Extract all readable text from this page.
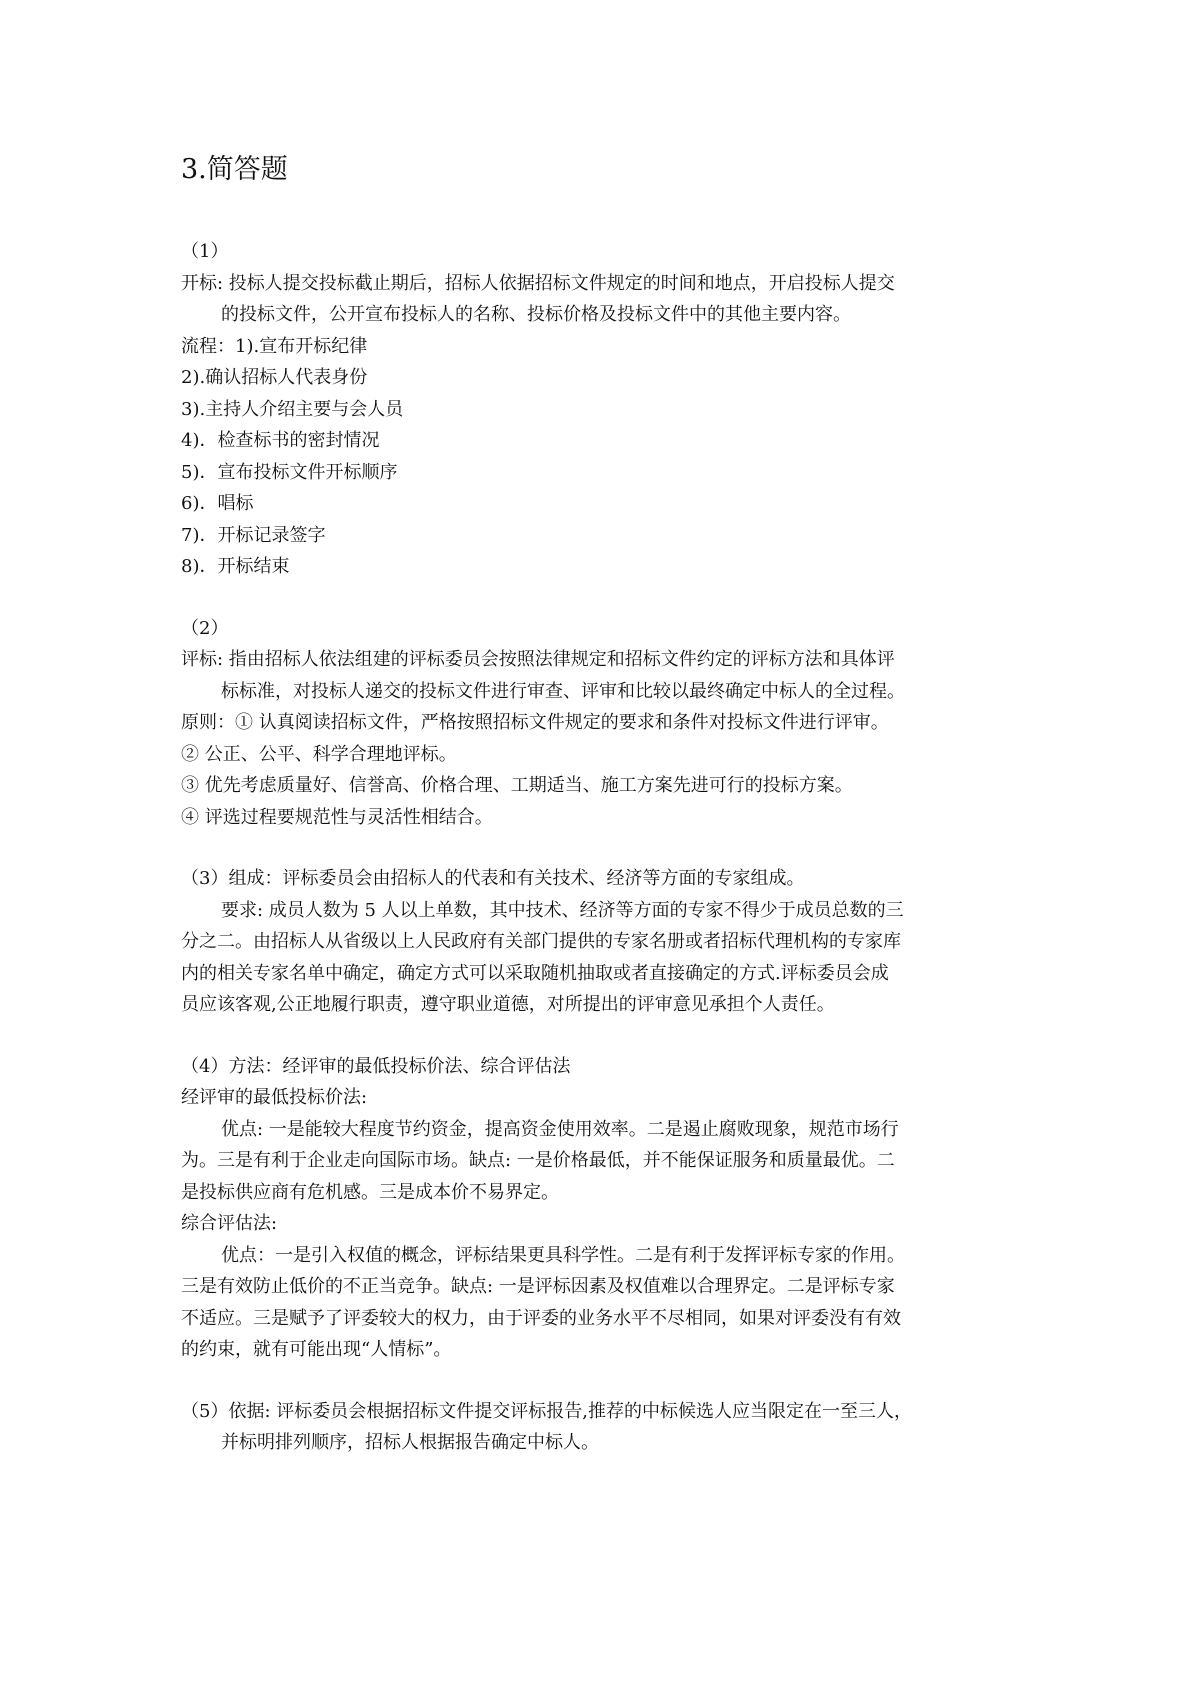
3.简答题
（1）
开标: 投标人提交投标截止期后，招标人依据招标文件规定的时间和地点，开启投标人提交
的投标文件，公开宣布投标人的名称、投标价格及投标文件中的其他主要内容。
流程：1).宣布开标纪律
2).确认招标人代表身份
3).主持人介绍主要与会人员
4)．检查标书的密封情况
5)．宣布投标文件开标顺序
6)．唱标
7)．开标记录签字
8)．开标结束
（2）
评标: 指由招标人依法组建的评标委员会按照法律规定和招标文件约定的评标方法和具体评
标标准，对投标人递交的投标文件进行审查、评审和比较以最终确定中标人的全过程。
原则：① 认真阅读招标文件，严格按照招标文件规定的要求和条件对投标文件进行评审。
② 公正、公平、科学合理地评标。
③ 优先考虑质量好、信誉高、价格合理、工期适当、施工方案先进可行的投标方案。
④ 评选过程要规范性与灵活性相结合。
（3）组成：评标委员会由招标人的代表和有关技术、经济等方面的专家组成。
要求: 成员人数为 5 人以上单数，其中技术、经济等方面的专家不得少于成员总数的三
分之二。由招标人从省级以上人民政府有关部门提供的专家名册或者招标代理机构的专家库
内的相关专家名单中确定，确定方式可以采取随机抽取或者直接确定的方式.评标委员会成
员应该客观,公正地履行职责，遵守职业道德，对所提出的评审意见承担个人责任。
（4）方法：经评审的最低投标价法、综合评估法
经评审的最低投标价法:
优点: 一是能较大程度节约资金，提高资金使用效率。二是遏止腐败现象，规范市场行
为。三是有利于企业走向国际市场。缺点: 一是价格最低，并不能保证服务和质量最优。二
是投标供应商有危机感。三是成本价不易界定。
综合评估法:
优点：一是引入权值的概念，评标结果更具科学性。二是有利于发挥评标专家的作用。
三是有效防止低价的不正当竞争。缺点: 一是评标因素及权值难以合理界定。二是评标专家
不适应。三是赋予了评委较大的权力，由于评委的业务水平不尽相同，如果对评委没有有效
的约束，就有可能出现“人情标”。
（5）依据: 评标委员会根据招标文件提交评标报告,推荐的中标候选人应当限定在一至三人，
并标明排列顺序，招标人根据报告确定中标人。
